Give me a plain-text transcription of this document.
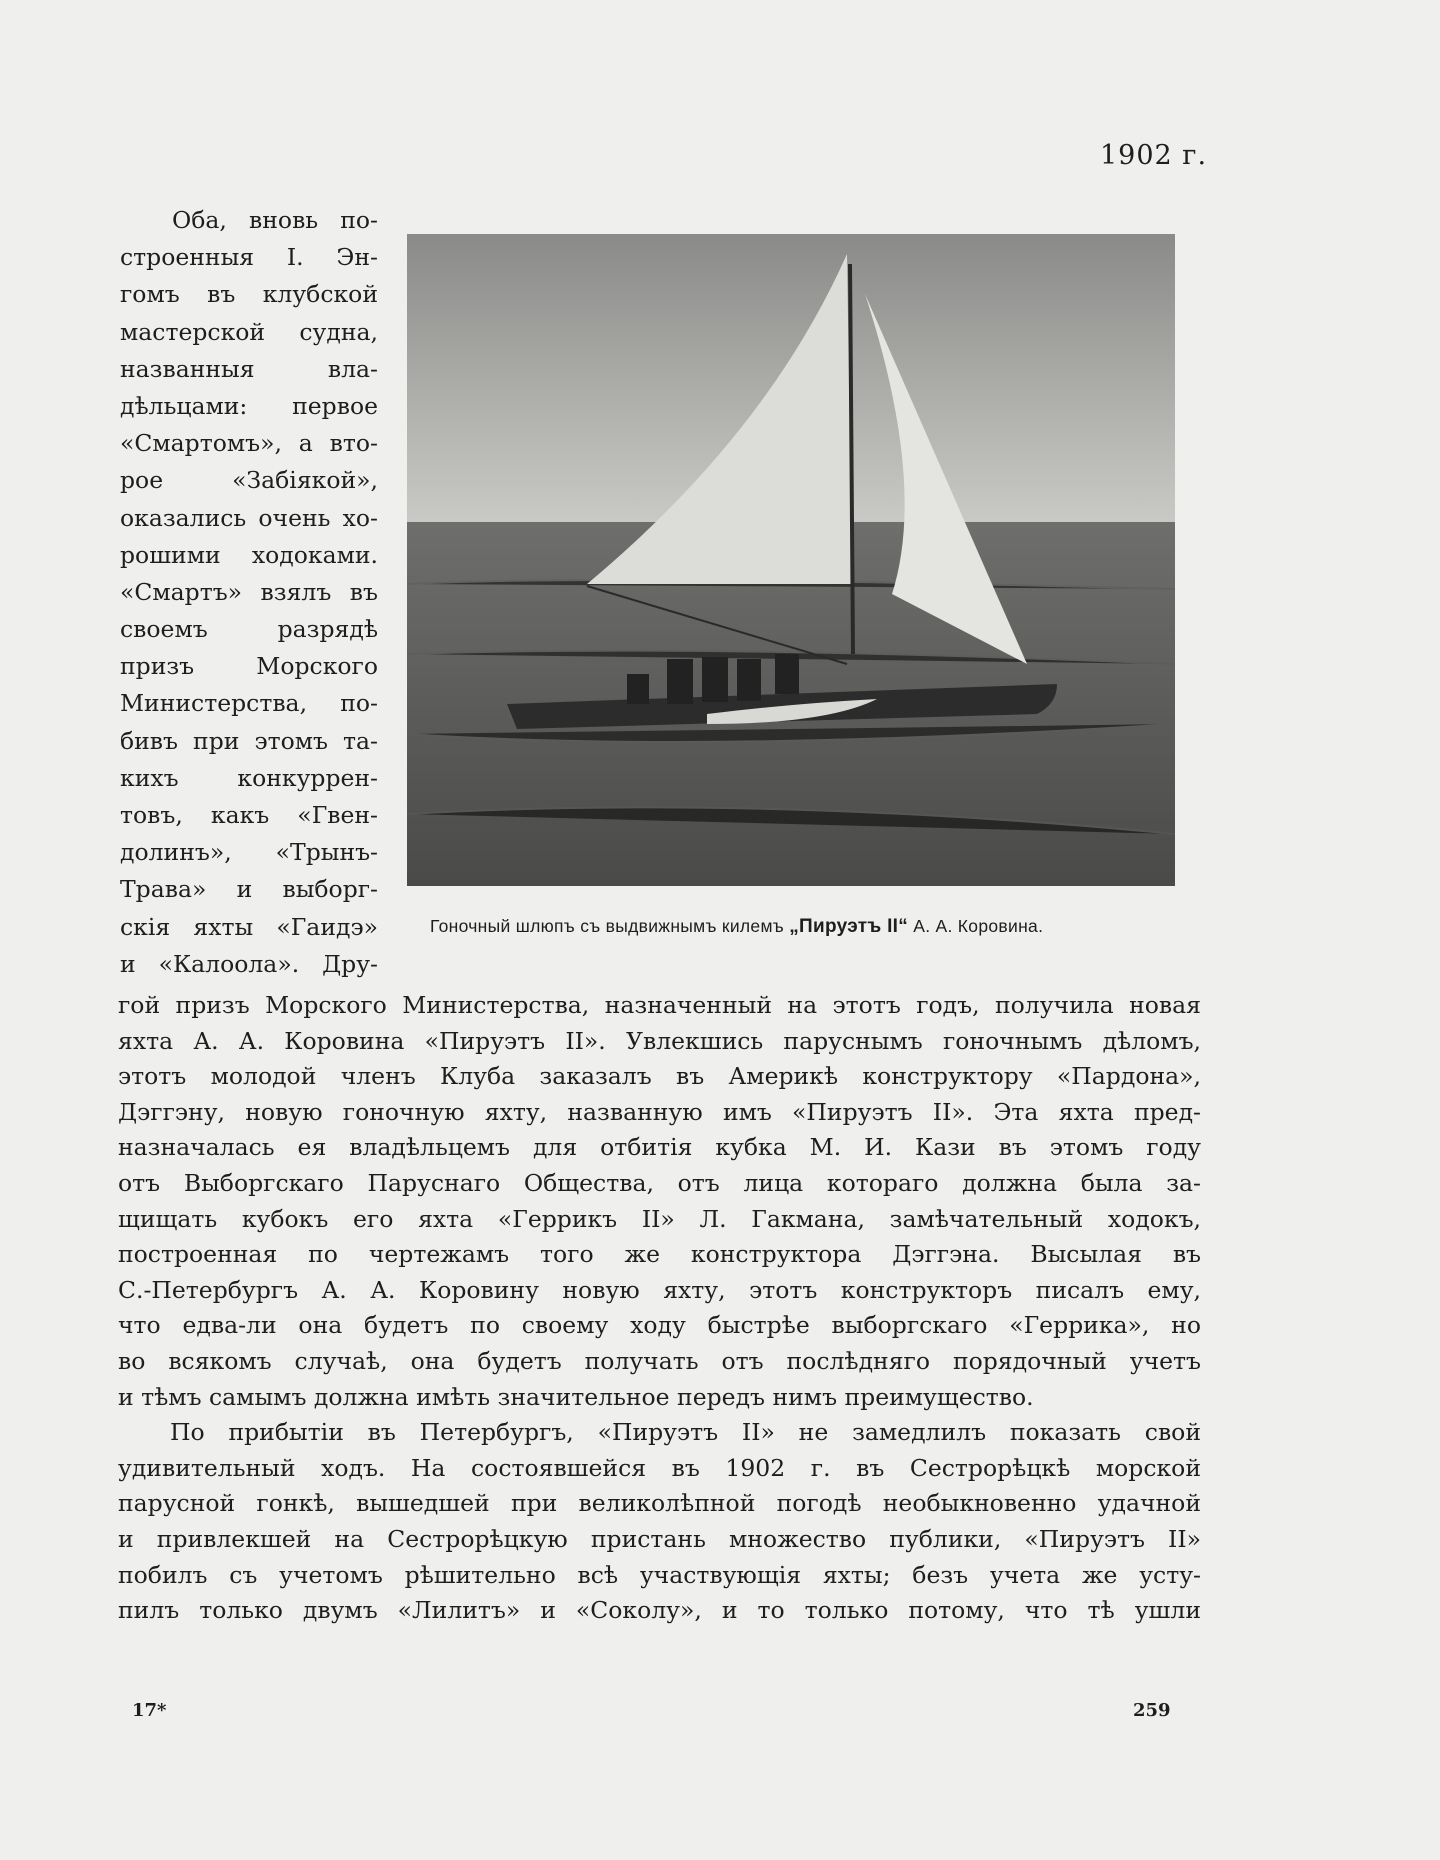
1902 г.
Оба, вновь по-
строенныя I. Эн-
гомъ въ клубской
мастерской судна,
названныя вла-
дѣльцами: первое
«Смартомъ», а вто-
рое «Забіякой»,
оказались очень хо-
рошими ходоками.
«Смартъ» взялъ въ
своемъ разрядѣ
призъ Морского
Министерства, по-
бивъ при этомъ та-
кихъ конкуррен-
товъ, какъ «Гвен-
долинъ», «Трынъ-
Трава» и выборг-
скія яхты «Гаидэ»
и «Калоола». Дру-
Гоночный шлюпъ съ выдвижнымъ килемъ „Пируэтъ II“ А. А. Коровина.
гой призъ Морского Министерства, назначенный на этотъ годъ, получила новая
яхта А. А. Коровина «Пируэтъ II». Увлекшись паруснымъ гоночнымъ дѣломъ,
этотъ молодой членъ Клуба заказалъ въ Америкѣ конструктору «Пардона»,
Дэггэну, новую гоночную яхту, названную имъ «Пируэтъ II». Эта яхта пред-
назначалась ея владѣльцемъ для отбитія кубка М. И. Кази въ этомъ году
отъ Выборгскаго Паруснаго Общества, отъ лица котораго должна была за-
щищать кубокъ его яхта «Геррикъ II» Л. Гакмана, замѣчательный ходокъ,
построенная по чертежамъ того же конструктора Дэггэна. Высылая въ
С.-Петербургъ А. А. Коровину новую яхту, этотъ конструкторъ писалъ ему,
что едва-ли она будетъ по своему ходу быстрѣе выборгскаго «Геррика», но
во всякомъ случаѣ, она будетъ получать отъ послѣдняго порядочный учетъ
и тѣмъ самымъ должна имѣть значительное передъ нимъ преимущество.
По прибытіи въ Петербургъ, «Пируэтъ II» не замедлилъ показать свой
удивительный ходъ. На состоявшейся въ 1902 г. въ Сестрорѣцкѣ морской
парусной гонкѣ, вышедшей при великолѣпной погодѣ необыкновенно удачной
и привлекшей на Сестрорѣцкую пристань множество публики, «Пируэтъ II»
побилъ съ учетомъ рѣшительно всѣ участвующія яхты; безъ учета же усту-
пилъ только двумъ «Лилитъ» и «Соколу», и то только потому, что тѣ ушли
17*	259
